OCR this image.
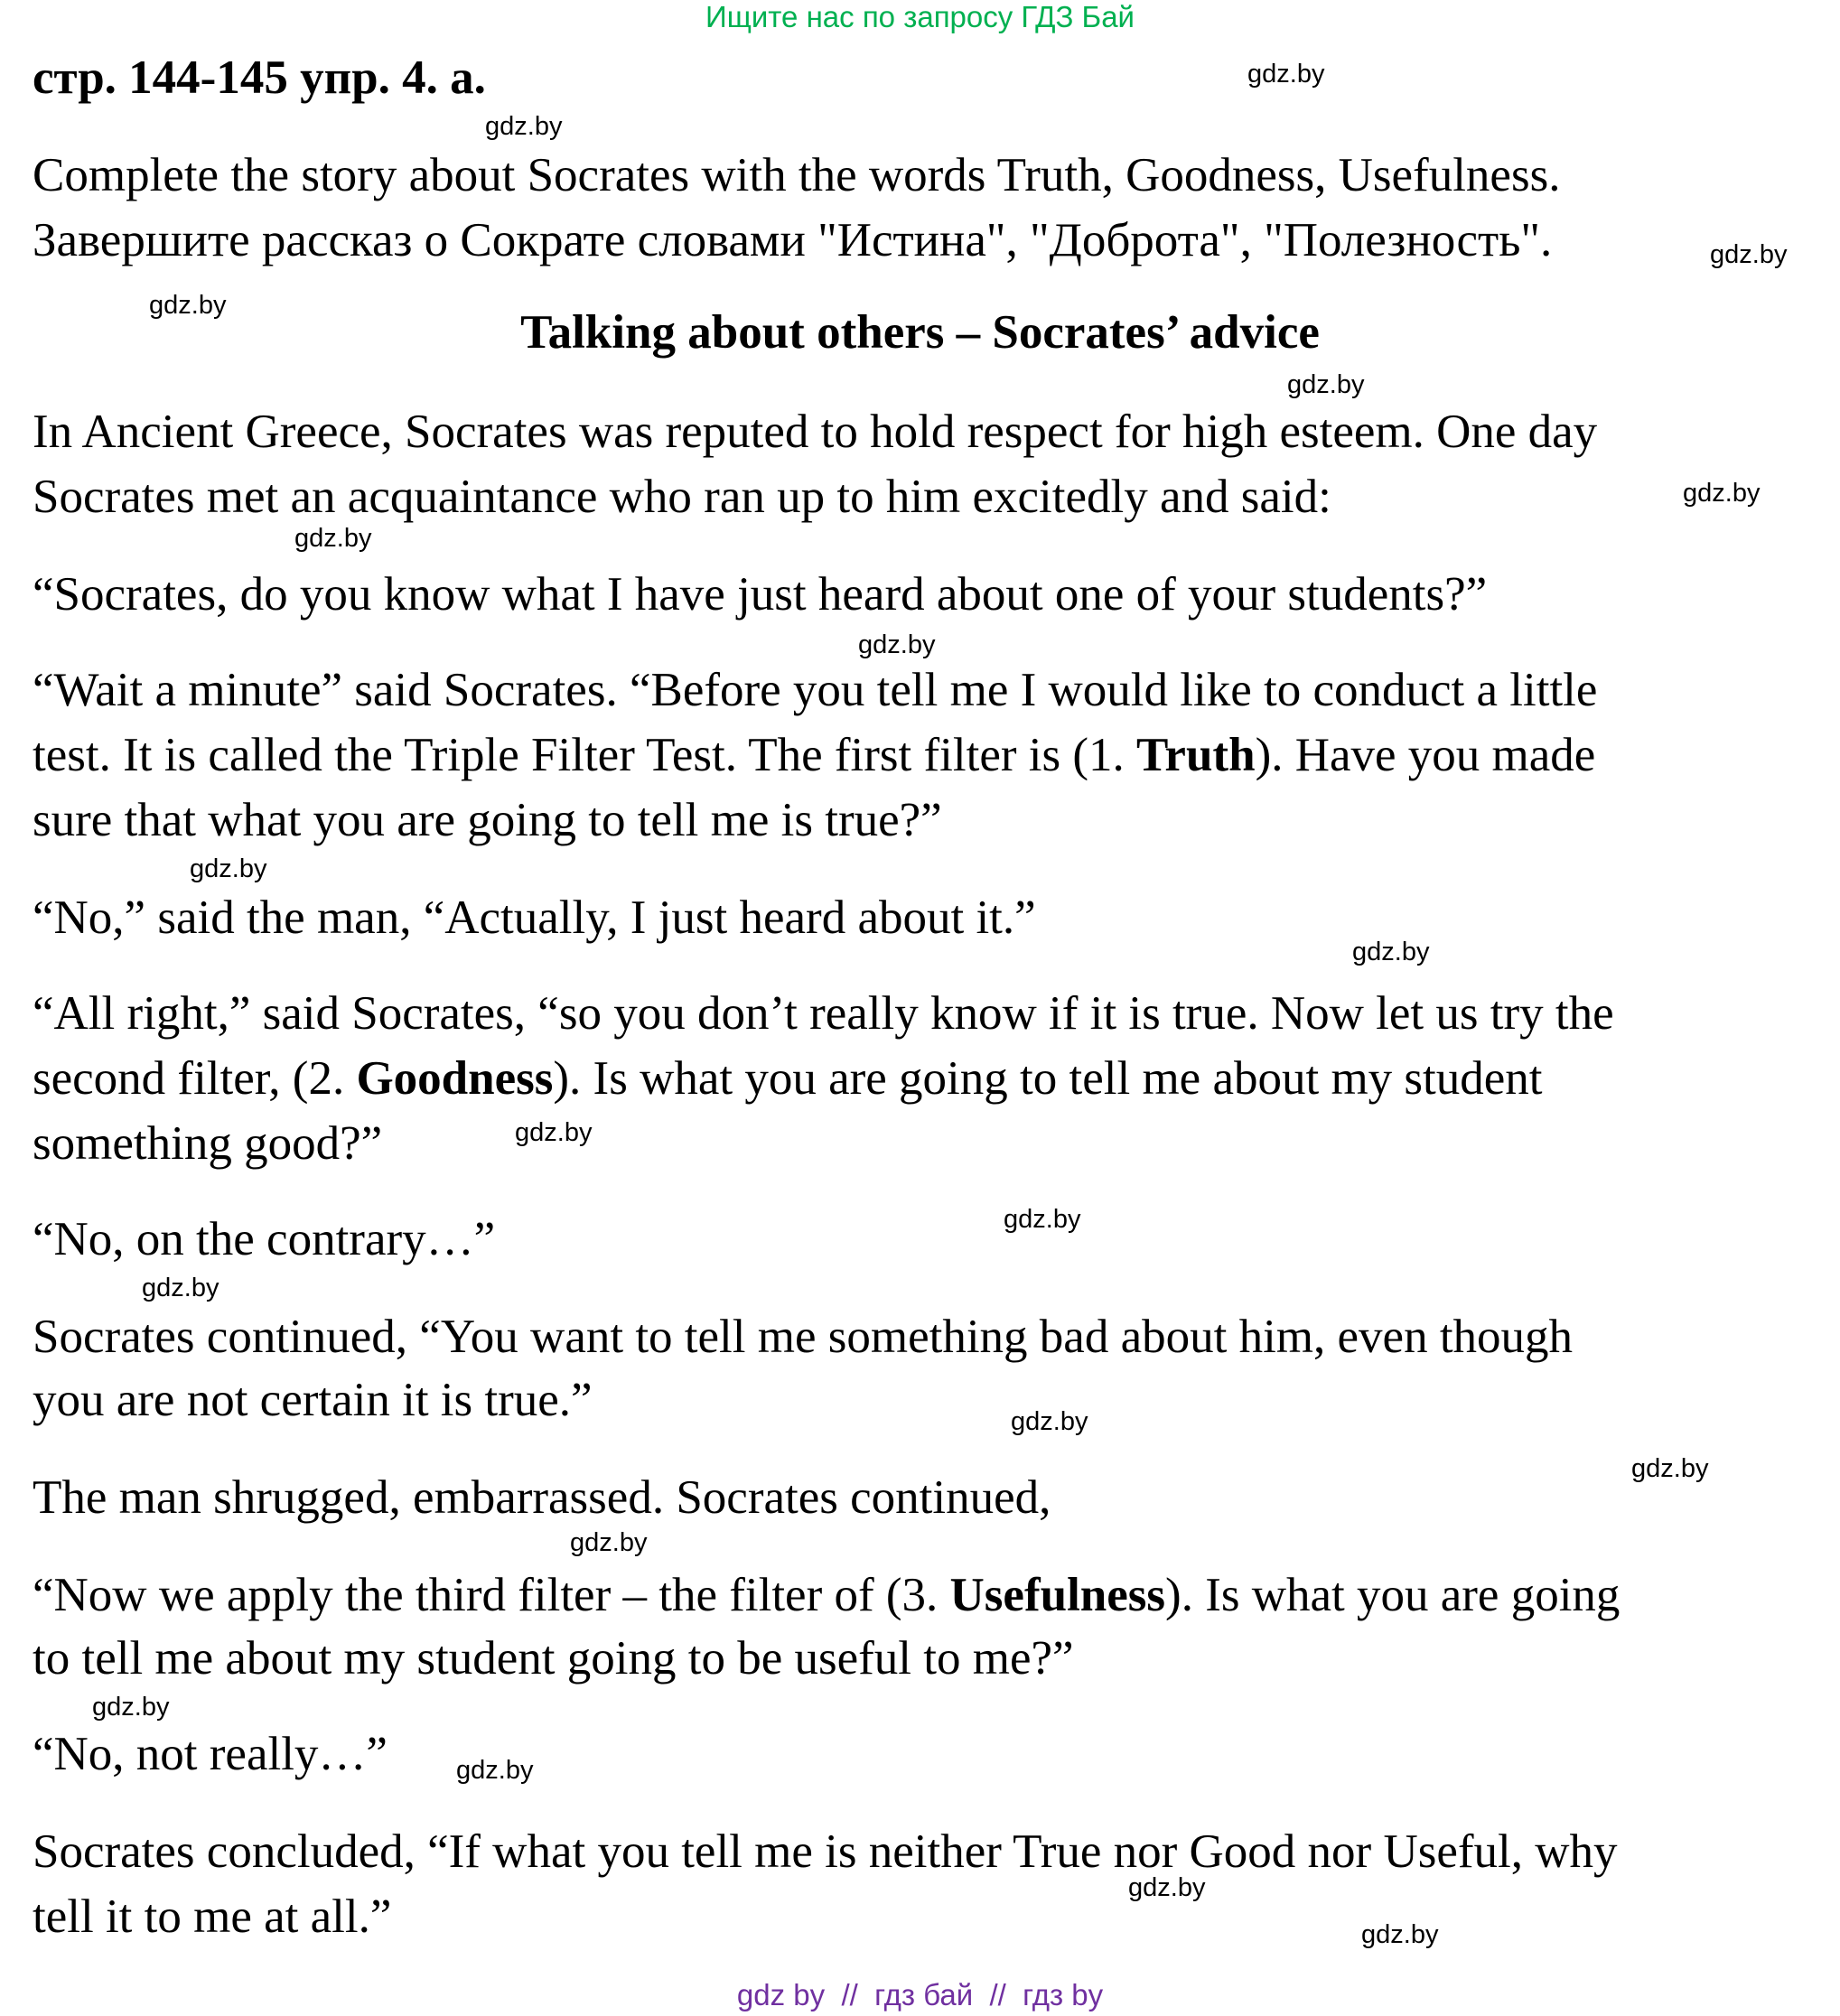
Ищите нас по запросу ГДЗ Бай
стр. 144-145 упр. 4. а.
Complete the story about Socrates with the words Truth, Goodness, Usefulness.
Завершите рассказ о Сократе словами "Истина", "Доброта", "Полезность".
Talking about others – Socrates’ advice
In Ancient Greece, Socrates was reputed to hold respect for high esteem. One day
Socrates met an acquaintance who ran up to him excitedly and said:
“Socrates, do you know what I have just heard about one of your students?”
“Wait a minute” said Socrates. “Before you tell me I would like to conduct a little
test. It is called the Triple Filter Test. The first filter is (1. Truth). Have you made
sure that what you are going to tell me is true?”
“No,” said the man, “Actually, I just heard about it.”
“All right,” said Socrates, “so you don’t really know if it is true. Now let us try the
second filter, (2. Goodness). Is what you are going to tell me about my student
something good?”
“No, on the contrary…”
Socrates continued, “You want to tell me something bad about him, even though
you are not certain it is true.”
The man shrugged, embarrassed. Socrates continued,
“Now we apply the third filter – the filter of (3. Usefulness). Is what you are going
to tell me about my student going to be useful to me?”
“No, not really…”
Socrates concluded, “If what you tell me is neither True nor Good nor Useful, why
tell it to me at all.”
gdz.by
gdz.by
gdz.by
gdz.by
gdz.by
gdz.by
gdz.by
gdz.by
gdz.by
gdz.by
gdz.by
gdz.by
gdz.by
gdz.by
gdz.by
gdz.by
gdz.by
gdz.by
gdz.by
gdz.by
gdz by  //  гдз бай  //  гдз by
